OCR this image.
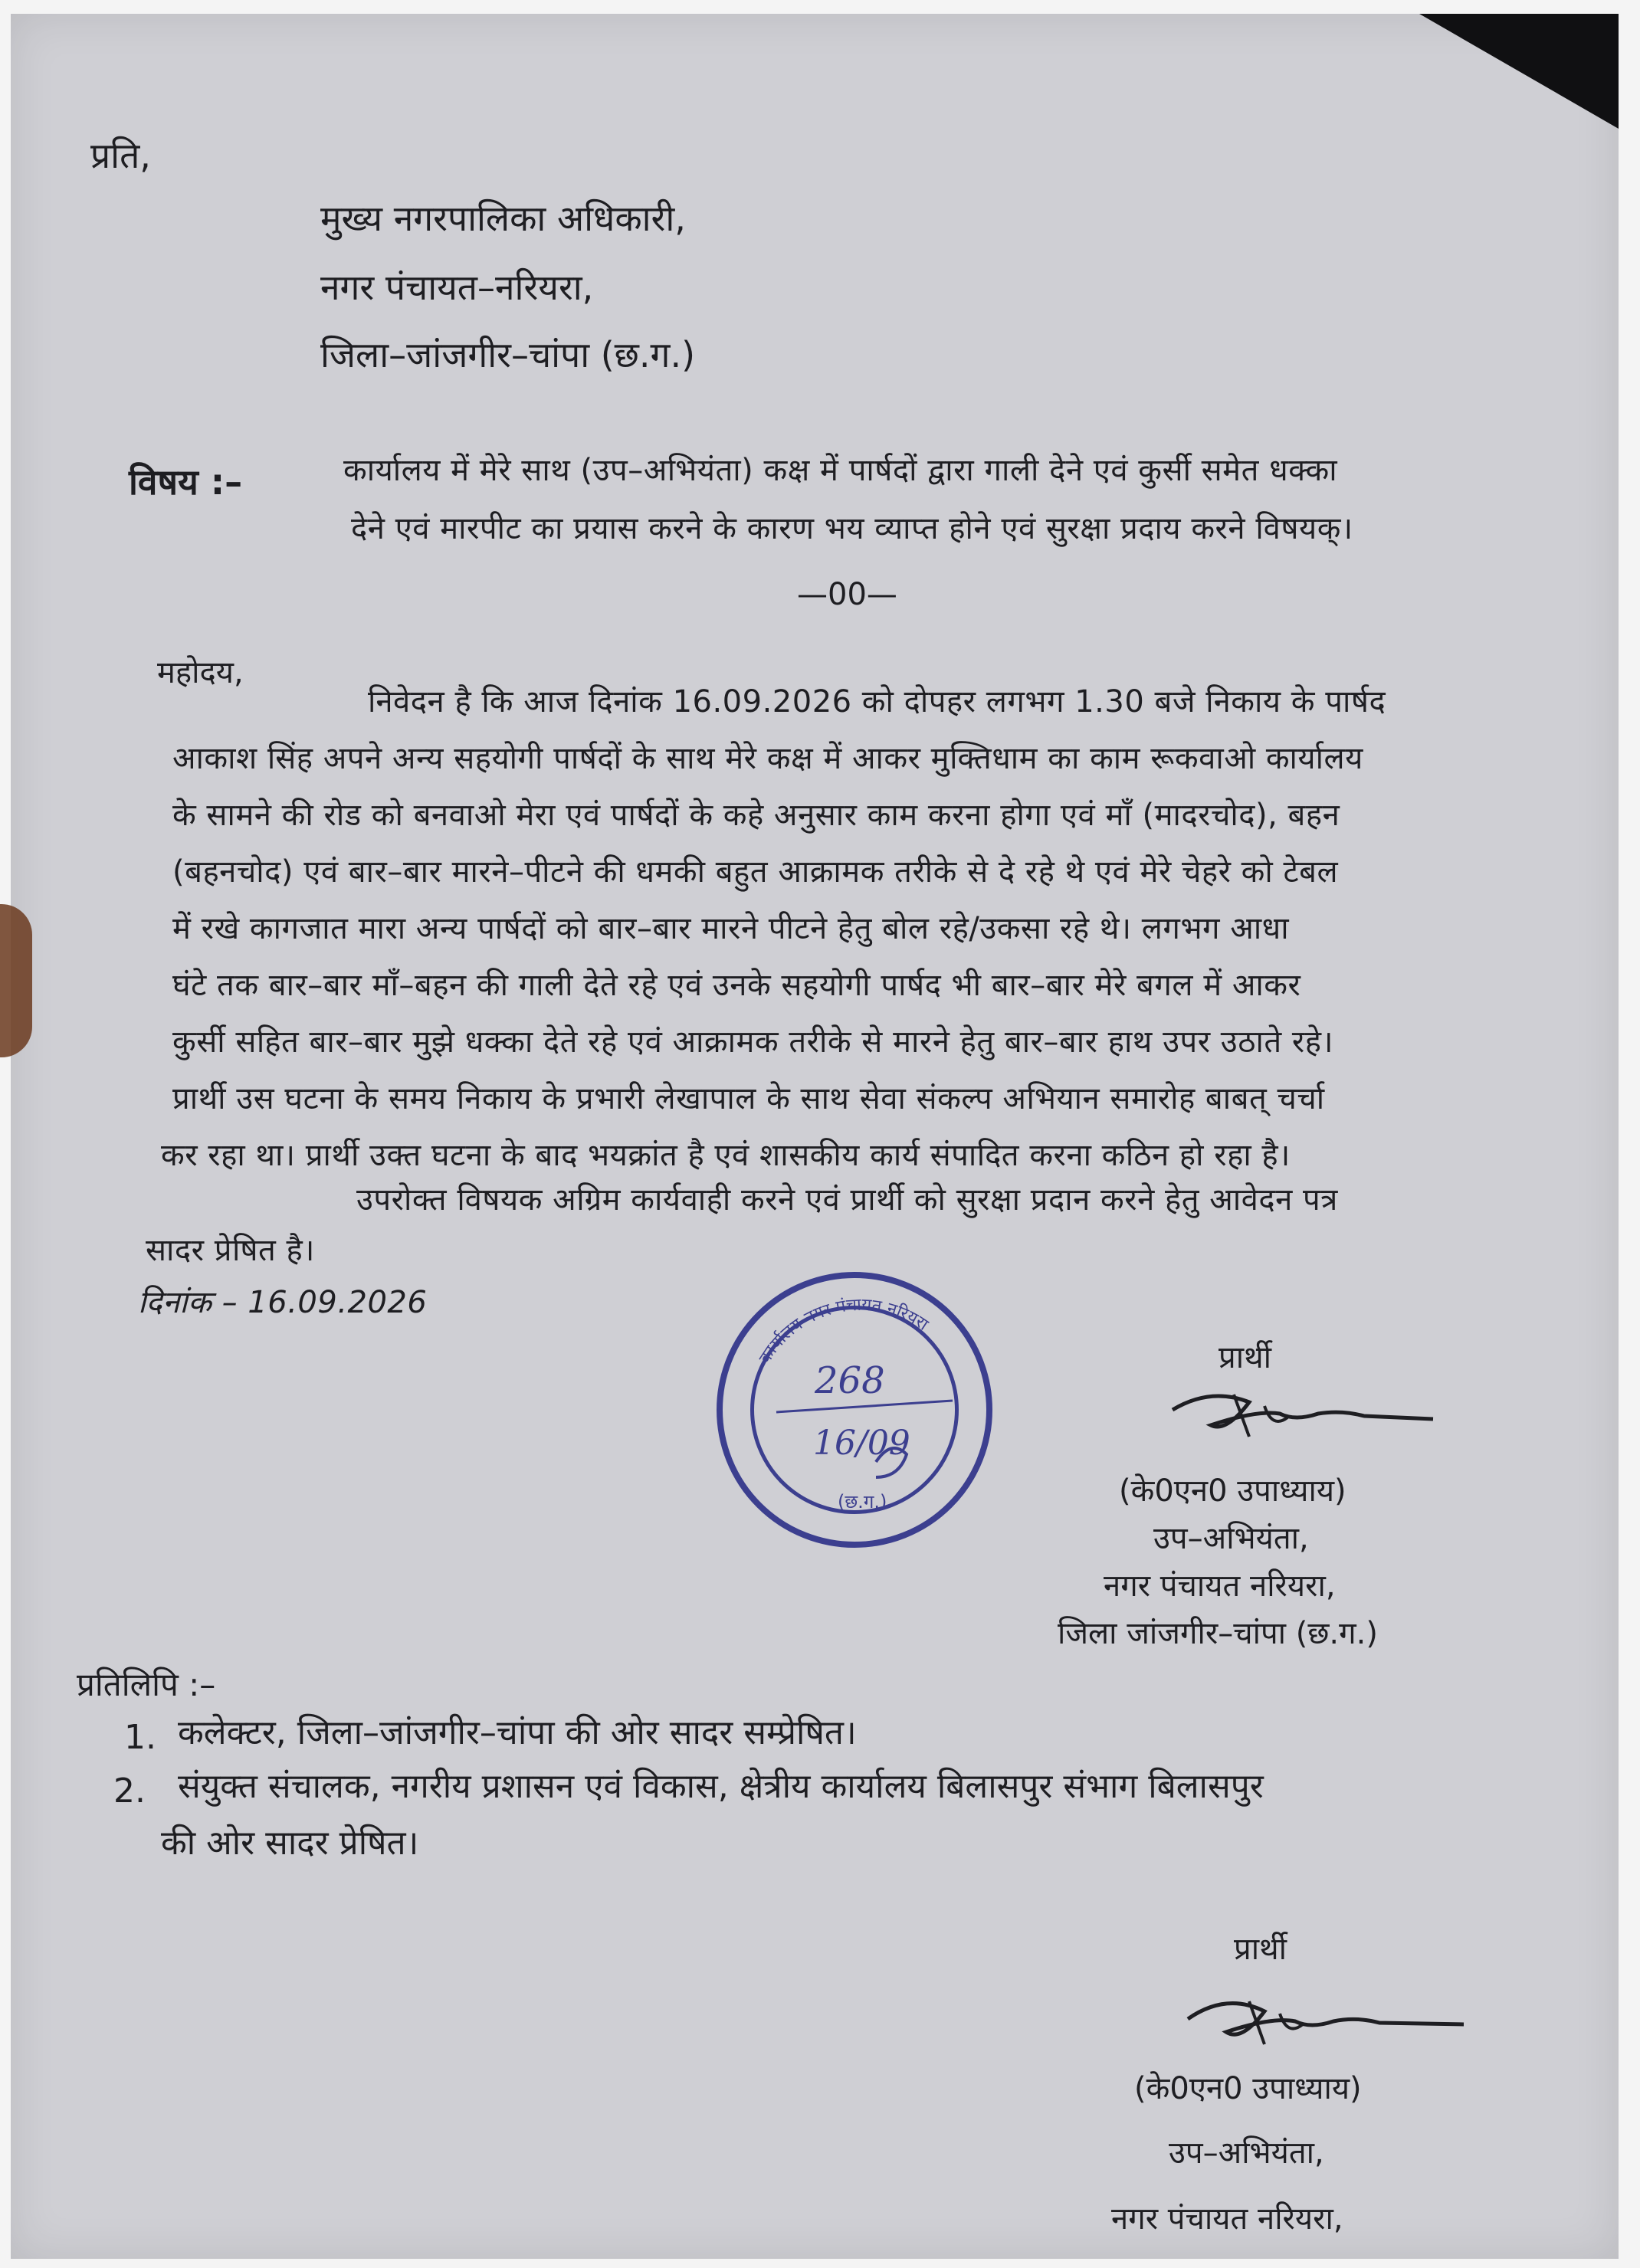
प्रति,
मुख्य नगरपालिका अधिकारी,
नगर पंचायत–नरियरा,
जिला–जांजगीर–चांपा (छ.ग.)
विषय :–	कार्यालय में मेरे साथ (उप–अभियंता) कक्ष में पार्षदों द्वारा गाली देने एवं कुर्सी समेत धक्का
देने एवं मारपीट का प्रयास करने के कारण भय व्याप्त होने एवं सुरक्षा प्रदाय करने विषयक्।
—00—
महोदय,
निवेदन है कि आज दिनांक 16.09.2026 को दोपहर लगभग 1.30 बजे निकाय के पार्षद
आकाश सिंह अपने अन्य सहयोगी पार्षदों के साथ मेरे कक्ष में आकर मुक्तिधाम का काम रूकवाओ कार्यालय
के सामने की रोड को बनवाओ मेरा एवं पार्षदों के कहे अनुसार काम करना होगा एवं माँ (मादरचोद), बहन
(बहनचोद) एवं बार–बार मारने–पीटने की धमकी बहुत आक्रामक तरीके से दे रहे थे एवं मेरे चेहरे को टेबल
में रखे कागजात मारा अन्य पार्षदों को बार–बार मारने पीटने हेतु बोल रहे/उकसा रहे थे। लगभग आधा
घंटे तक बार–बार माँ–बहन की गाली देते रहे एवं उनके सहयोगी पार्षद भी बार–बार मेरे बगल में आकर
कुर्सी सहित बार–बार मुझे धक्का देते रहे एवं आक्रामक तरीके से मारने हेतु बार–बार हाथ उपर उठाते रहे।
प्रार्थी उस घटना के समय निकाय के प्रभारी लेखापाल के साथ सेवा संकल्प अभियान समारोह बाबत् चर्चा
कर रहा था। प्रार्थी उक्त घटना के बाद भयक्रांत है एवं शासकीय कार्य संपादित करना कठिन हो रहा है।
उपरोक्त विषयक अग्रिम कार्यवाही करने एवं प्रार्थी को सुरक्षा प्रदान करने हेतु आवेदन पत्र
सादर प्रेषित है।
दिनांक – 16.09.2026
कार्यालय नगर पंचायत नरियरा
(छ.ग.)
268
16/09
प्रार्थी
(के0एन0 उपाध्याय)
उप–अभियंता,
नगर पंचायत नरियरा,
जिला जांजगीर–चांपा (छ.ग.)
प्रतिलिपि :–
1. कलेक्टर, जिला–जांजगीर–चांपा की ओर सादर सम्प्रेषित।
2. संयुक्त संचालक, नगरीय प्रशासन एवं विकास, क्षेत्रीय कार्यालय बिलासपुर संभाग बिलासपुर
की ओर सादर प्रेषित।
प्रार्थी
(के0एन0 उपाध्याय)
उप–अभियंता,
नगर पंचायत नरियरा,
